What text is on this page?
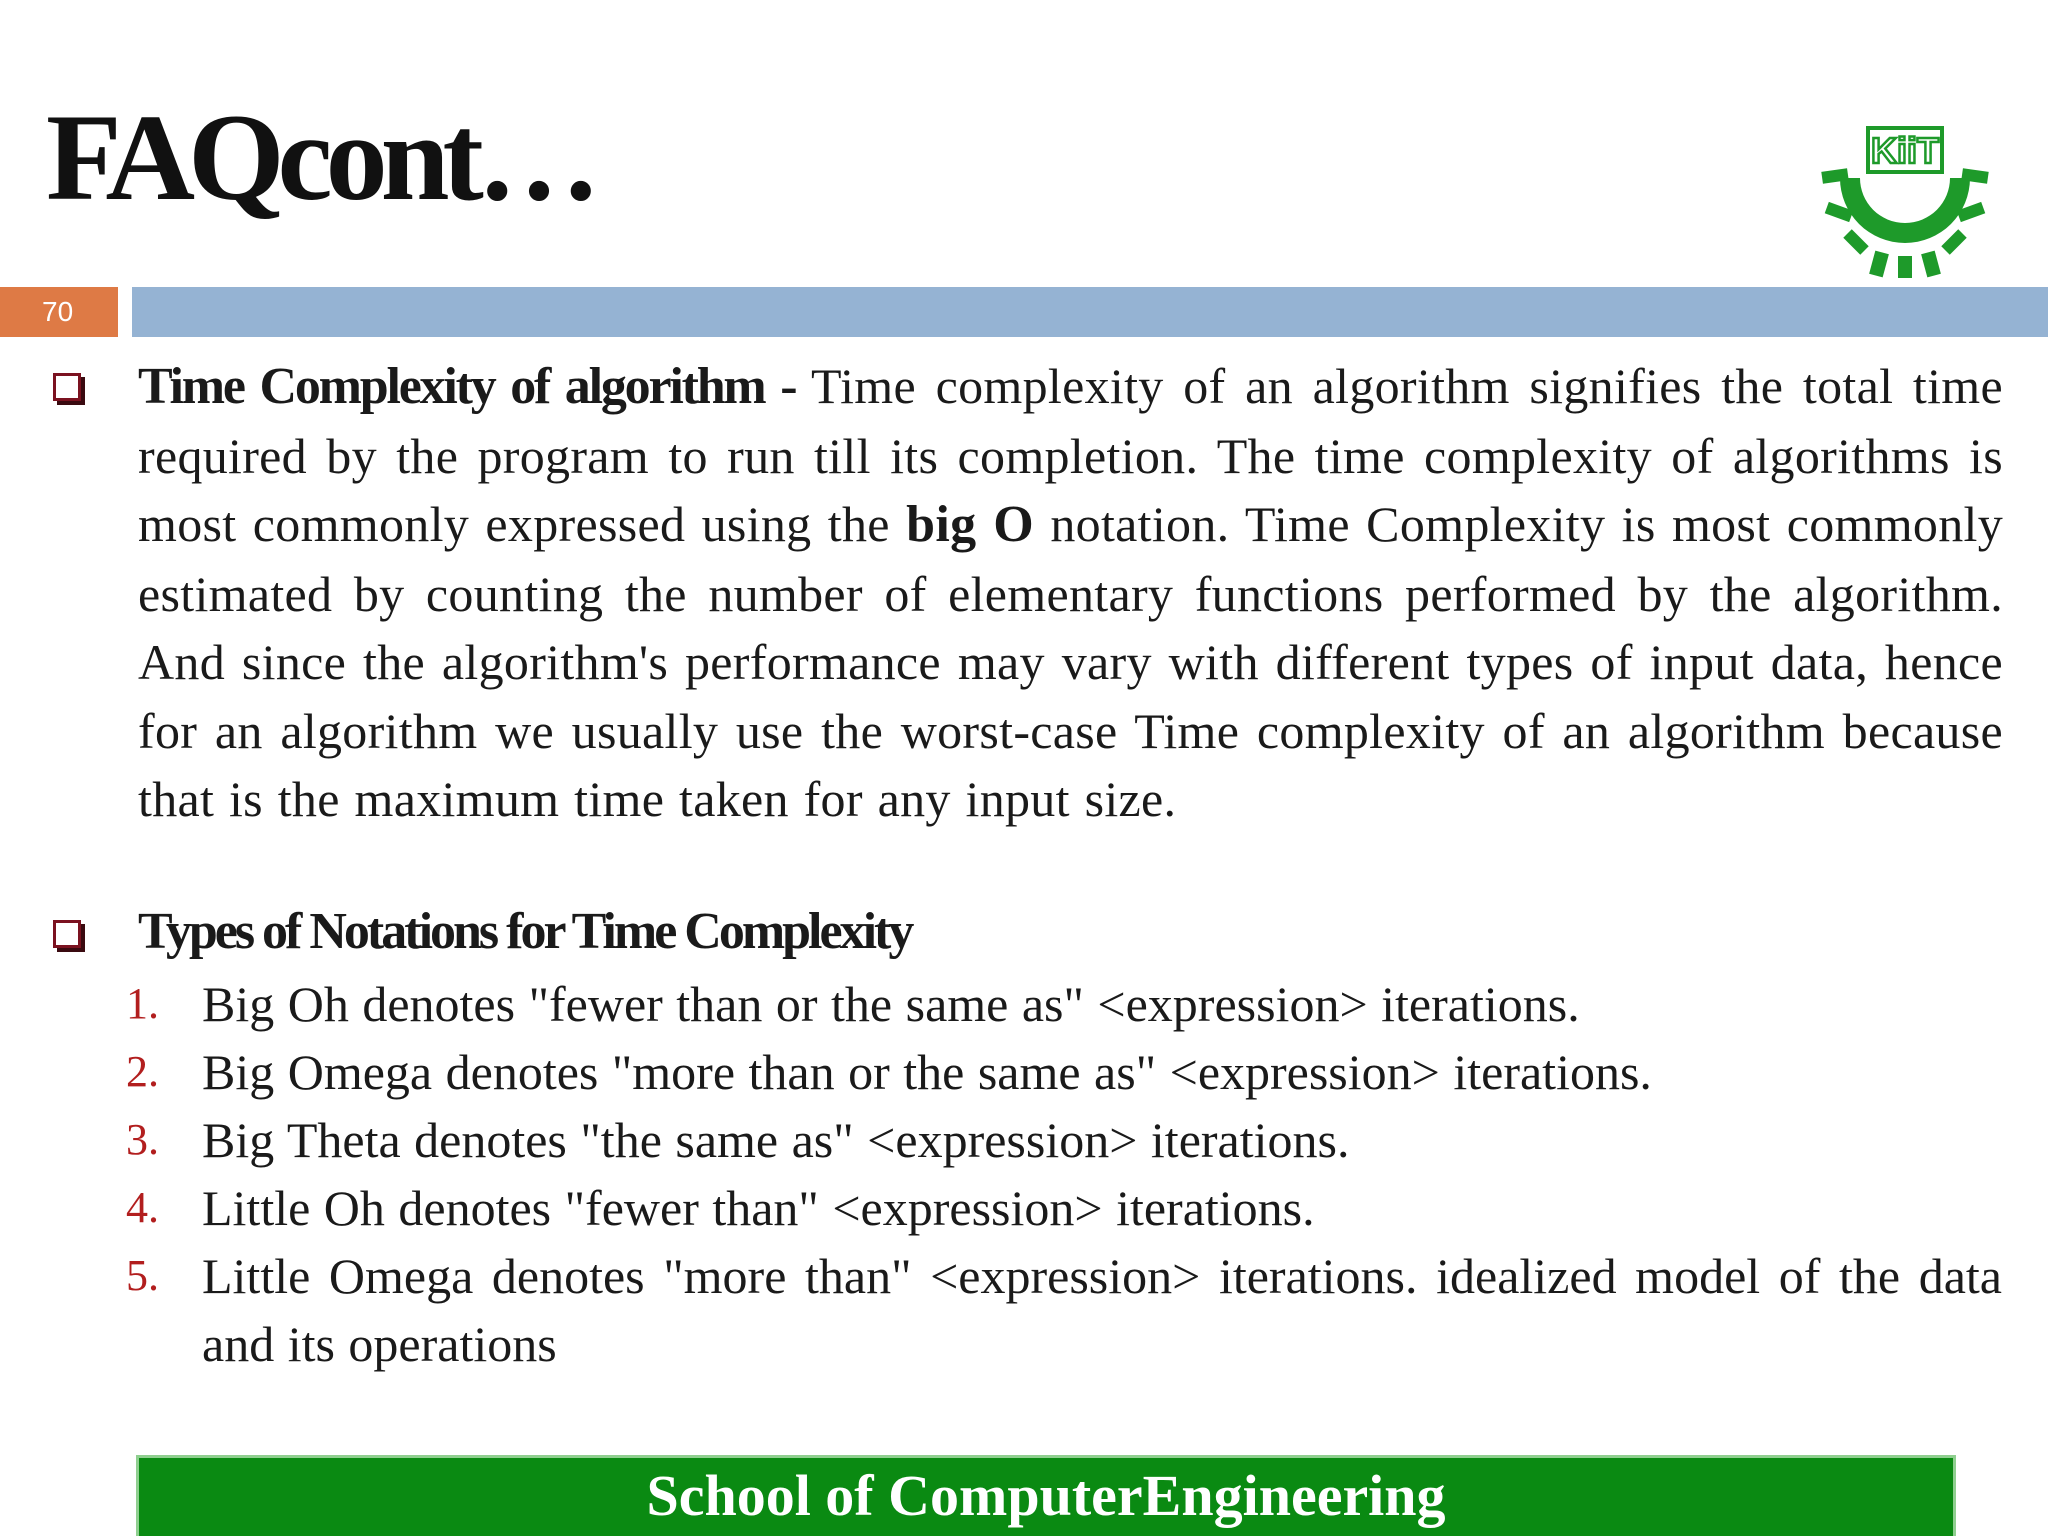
FAQcont…	KiiT
70
Time Complexity of algorithm - Time complexity of an algorithm signifies the total time required by the program to run till its completion. The time complexity of algorithms is most commonly expressed using the big O notation. Time Complexity is most commonly estimated by counting the number of elementary functions performed by the algorithm. And since the algorithm's performance may vary with different types of input data, hence for an algorithm we usually use the worst-case Time complexity of an algorithm because that is the maximum time taken for any input size.
Types of Notations for Time Complexity
1. Big Oh denotes "fewer than or the same as" <expression> iterations.
2. Big Omega denotes "more than or the same as" <expression> iterations.
3. Big Theta denotes "the same as" <expression> iterations.
4. Little Oh denotes "fewer than" <expression> iterations.
5. Little Omega denotes "more than" <expression> iterations. idealized model of the data and its operations
School of ComputerEngineering
